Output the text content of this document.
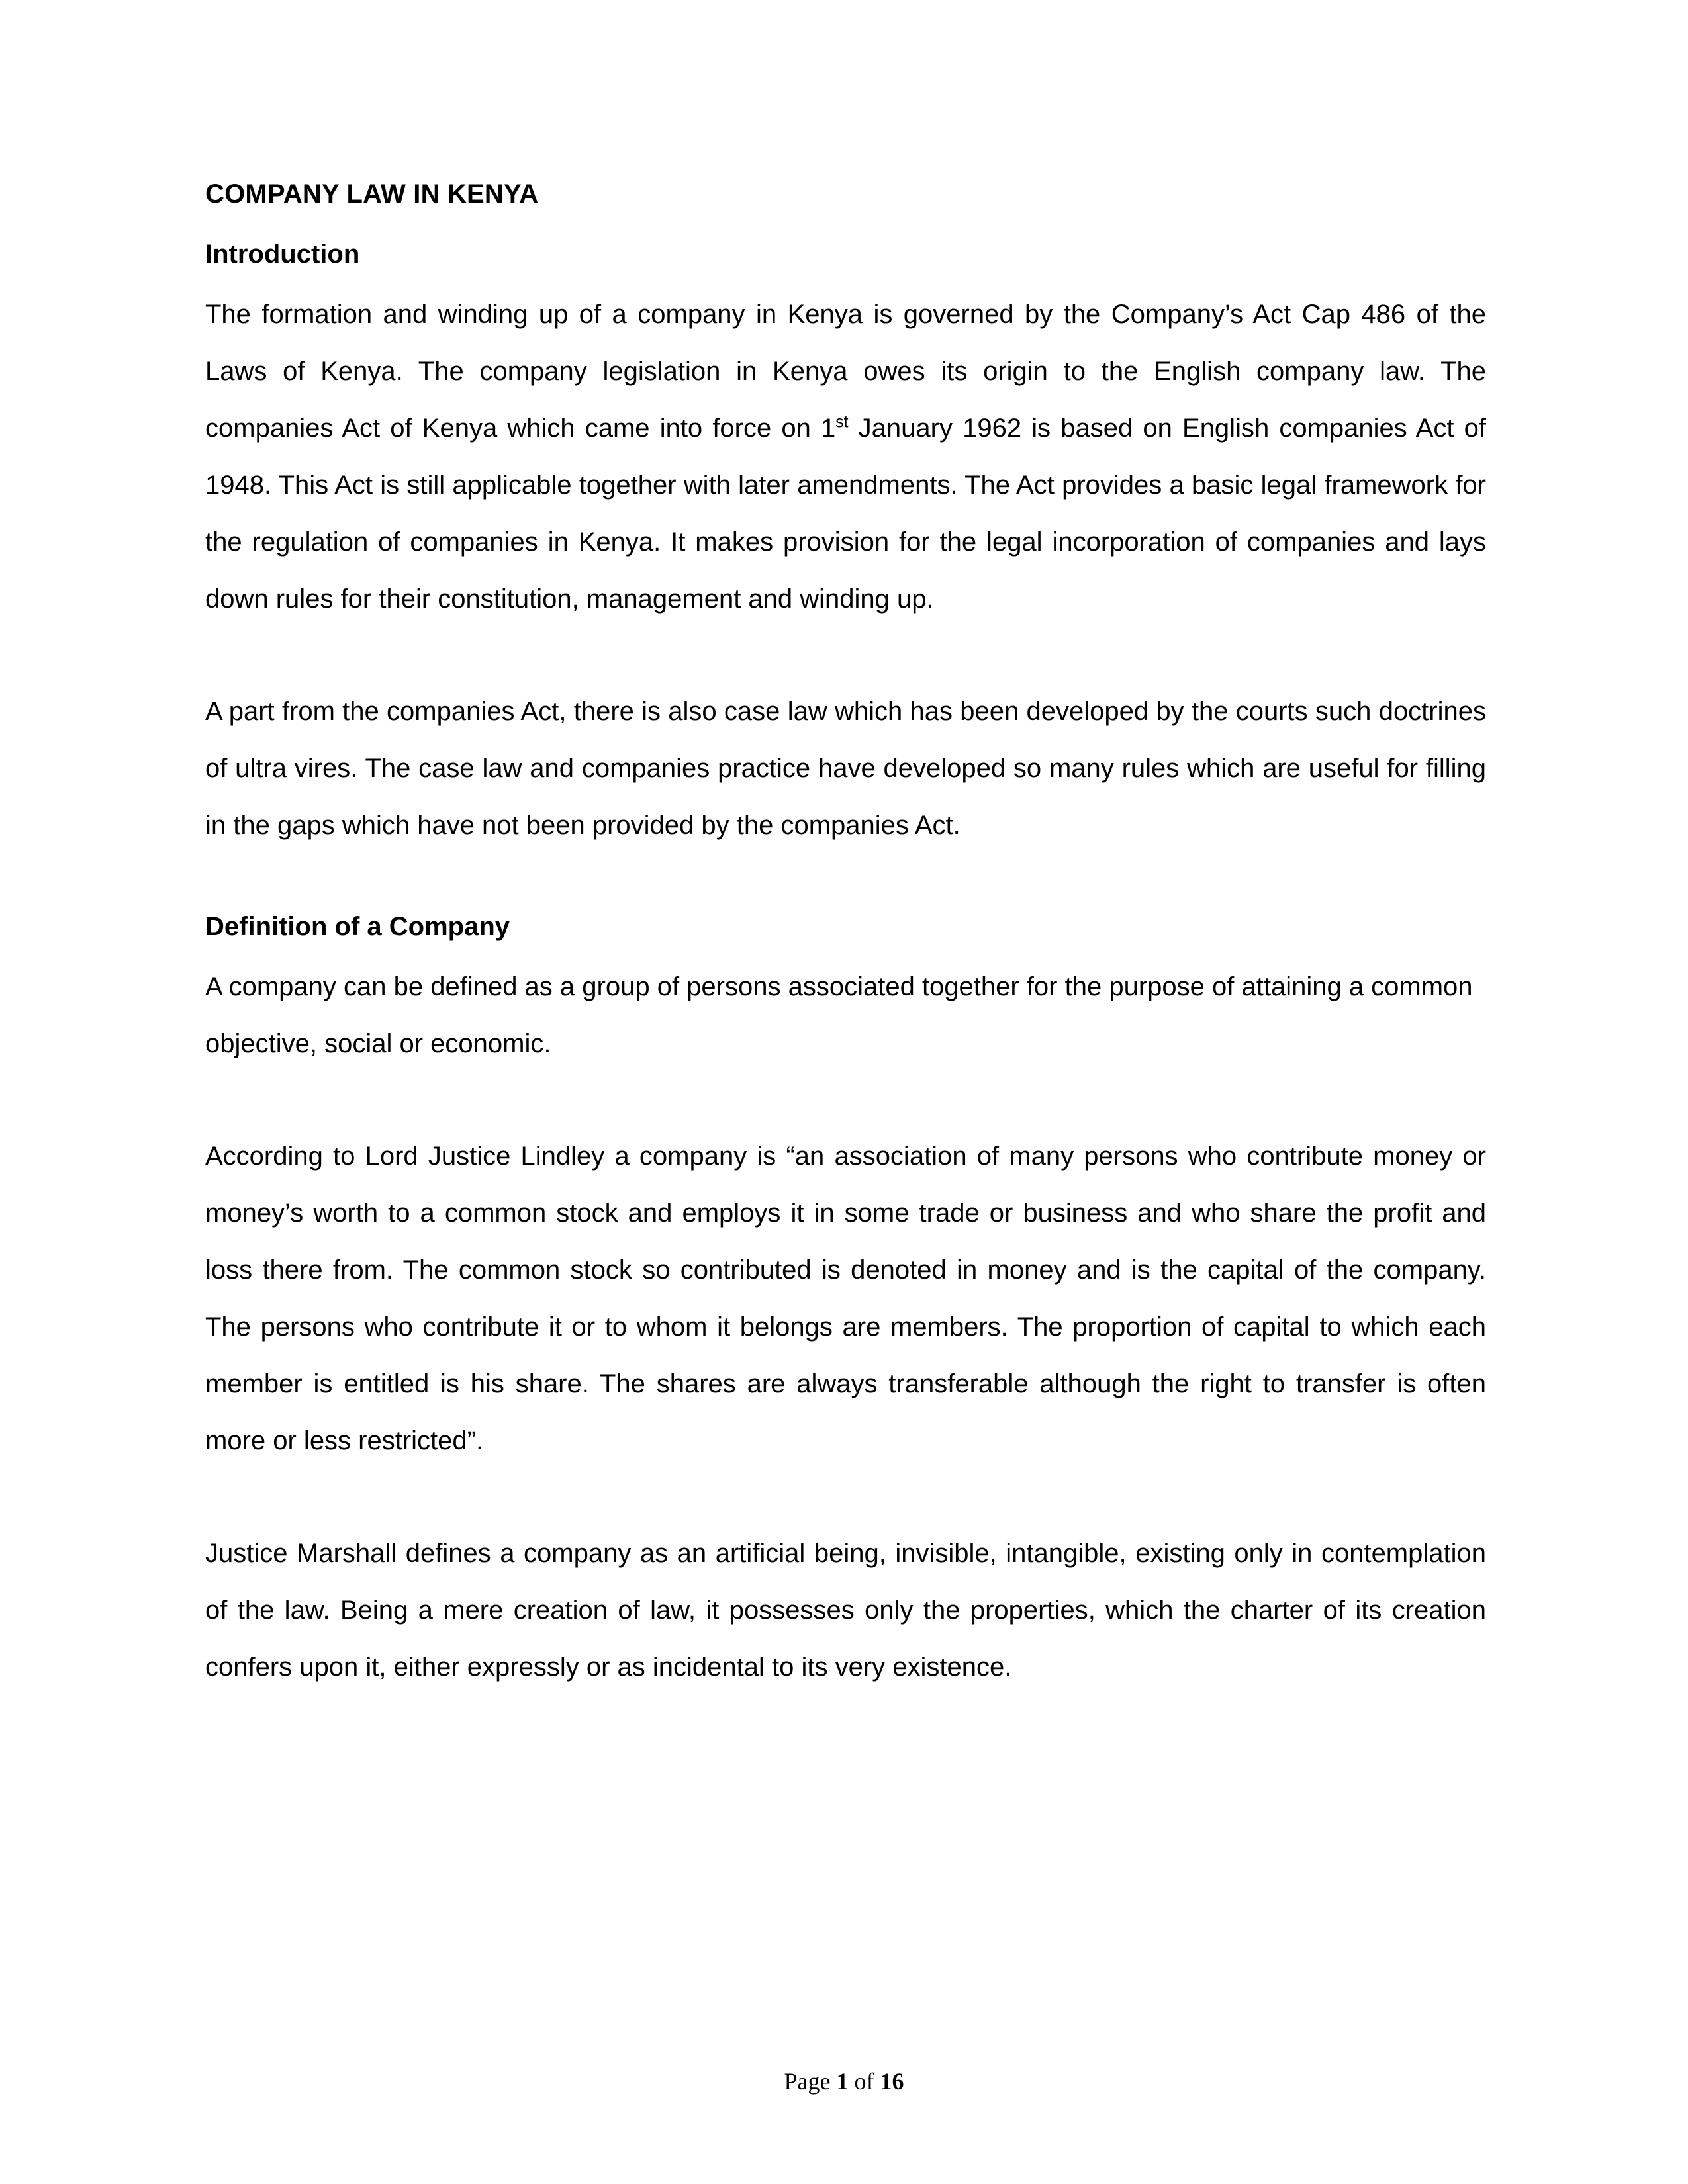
COMPANY LAW IN KENYA
Introduction

The formation and winding up of a company in Kenya is governed by the Company’s Act Cap 486 of the Laws of Kenya. The company legislation in Kenya owes its origin to the English company law. The companies Act of Kenya which came into force on 1st January 1962 is based on English companies Act of 1948. This Act is still applicable together with later amendments. The Act provides a basic legal framework for the regulation of companies in Kenya. It makes provision for the legal incorporation of companies and lays down rules for their constitution, management and winding up.

A part from the companies Act, there is also case law which has been developed by the courts such doctrines of ultra vires. The case law and companies practice have developed so many rules which are useful for filling in the gaps which have not been provided by the companies Act.

Definition of a Company

A company can be defined as a group of persons associated together for the purpose of attaining a common objective, social or economic.

According to Lord Justice Lindley a company is “an association of many persons who contribute money or money’s worth to a common stock and employs it in some trade or business and who share the profit and loss there from. The common stock so contributed is denoted in money and is the capital of the company. The persons who contribute it or to whom it belongs are members. The proportion of capital to which each member is entitled is his share. The shares are always transferable although the right to transfer is often more or less restricted”.

Justice Marshall defines a company as an artificial being, invisible, intangible, existing only in contemplation of the law. Being a mere creation of law, it possesses only the properties, which the charter of its creation confers upon it, either expressly or as incidental to its very existence.

Page 1 of 16
